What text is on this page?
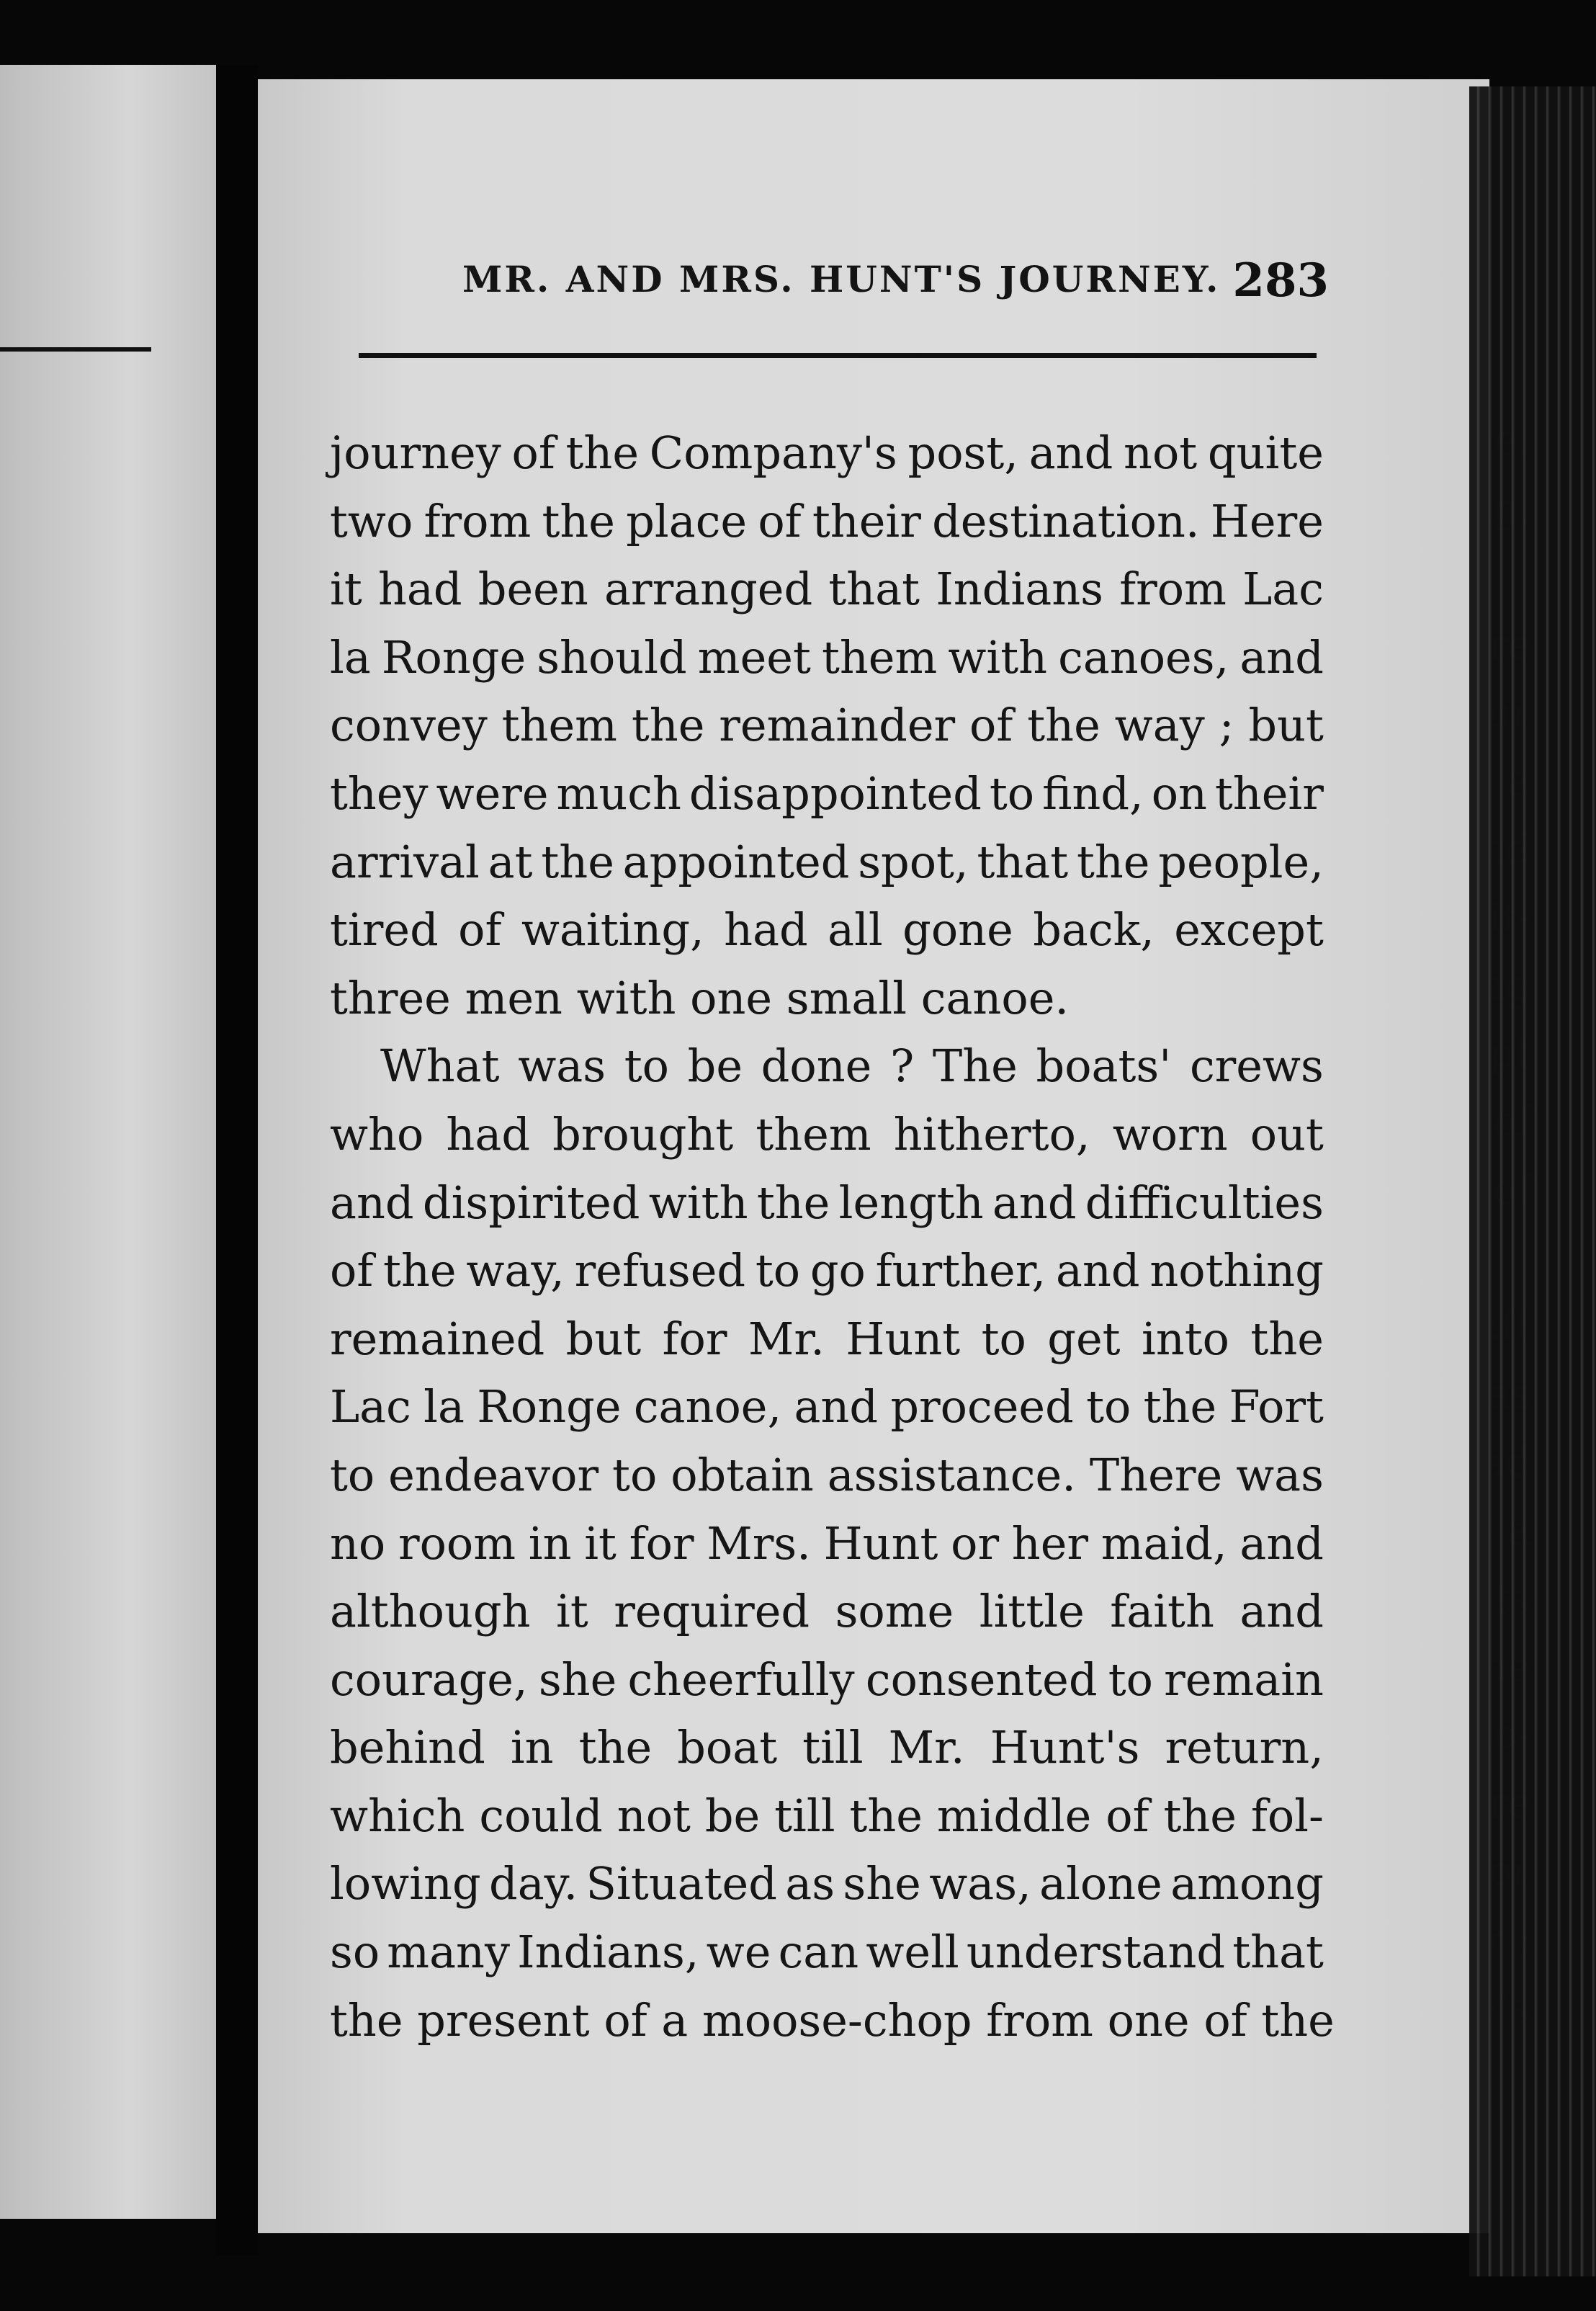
MR. AND MRS. HUNT'S JOURNEY. 283
journey of the Company's post, and not quite
two from the place of their destination. Here
it had been arranged that Indians from Lac
la Ronge should meet them with canoes, and
convey them the remainder of the way ; but
they were much disappointed to find, on their
arrival at the appointed spot, that the people,
tired of waiting, had all gone back, except
three men with one small canoe.
What was to be done ? The boats' crews
who had brought them hitherto, worn out
and dispirited with the length and difficulties
of the way, refused to go further, and nothing
remained but for Mr. Hunt to get into the
Lac la Ronge canoe, and proceed to the Fort
to endeavor to obtain assistance. There was
no room in it for Mrs. Hunt or her maid, and
although it required some little faith and
courage, she cheerfully consented to remain
behind in the boat till Mr. Hunt's return,
which could not be till the middle of the fol-
lowing day. Situated as she was, alone among
so many Indians, we can well understand that
the present of a moose-chop from one of the
